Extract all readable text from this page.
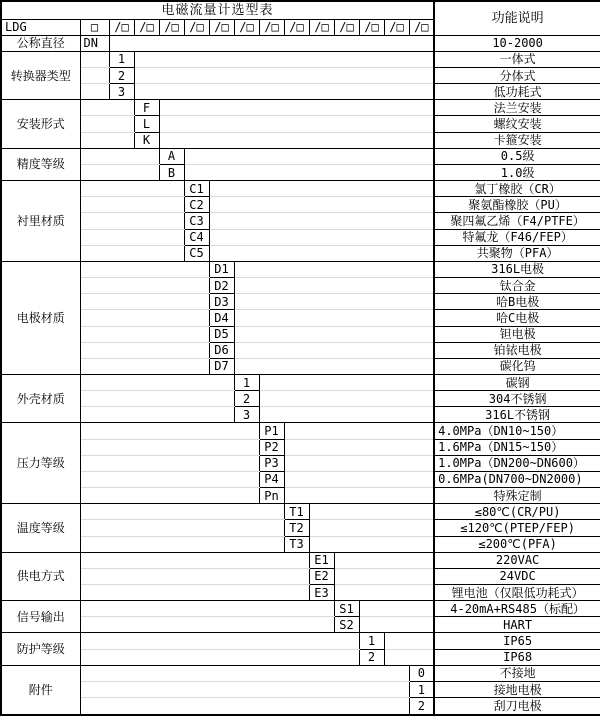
电磁流量计选型表															功能说明
LDG	□	/□	/□	/□	/□	/□	/□	/□	/□	/□	/□	/□	/□	/□	
公称直径	DN														10-2000
转换器类型		1													一体式
		2													分体式
		3													低功耗式
安装形式			F												法兰安装
			L												螺纹安装
			K												卡箍安装
精度等级				A											0.5级
				B											1.0级
衬里材质					C1										氯丁橡胶（CR）
					C2										聚氨酯橡胶（PU）
					C3										聚四氟乙烯（F4/PTFE）
					C4										特氟龙（F46/FEP）
					C5										共聚物（PFA）
电极材质						D1									316L电极
						D2									钛合金
						D3									哈B电极
						D4									哈C电极
						D5									钽电极
						D6									铂铱电极
						D7									碳化钨
外壳材质							1								碳钢
							2								304不锈钢
							3								316L不锈钢
压力等级								P1							4.0MPa（DN10~150）
								P2							1.6MPa（DN15~150）
								P3							1.0MPa（DN200~DN600）
								P4							0.6MPa(DN700~DN2000)
								Pn							特殊定制
温度等级									T1						≤80℃(CR/PU)
									T2						≤120℃(PTEP/FEP)
									T3						≤200℃(PFA)
供电方式										E1					220VAC
										E2					24VDC
										E3					锂电池（仅限低功耗式）
信号输出											S1				4-20mA+RS485（标配）
											S2				HART
防护等级												1			IP65
												2			IP68
附件														0	不接地
														1	接地电极
														2	刮刀电极
